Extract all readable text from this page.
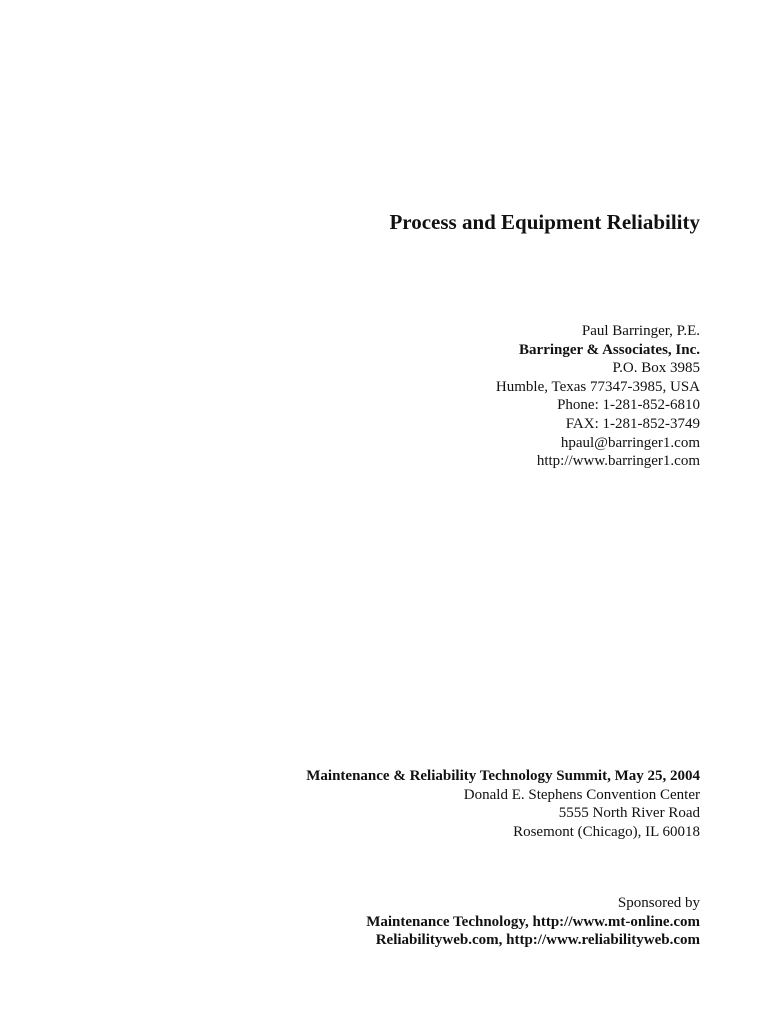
Process and Equipment Reliability
Paul Barringer, P.E.
Barringer & Associates, Inc.
P.O. Box 3985
Humble, Texas 77347-3985, USA
Phone: 1-281-852-6810
FAX: 1-281-852-3749
hpaul@barringer1.com
http://www.barringer1.com
Maintenance & Reliability Technology Summit, May 25, 2004
Donald E. Stephens Convention Center
5555 North River Road
Rosemont (Chicago), IL 60018
Sponsored by
Maintenance Technology, http://www.mt-online.com
Reliabilityweb.com, http://www.reliabilityweb.com
